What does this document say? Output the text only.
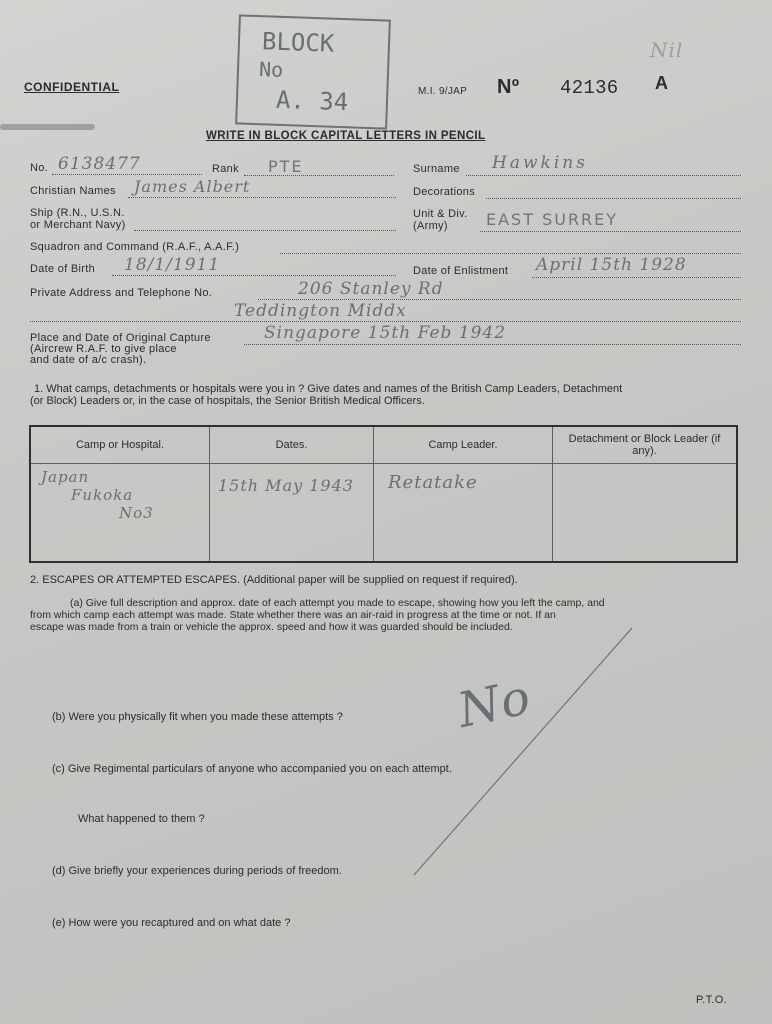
CONFIDENTIAL
BLOCK
No
A. 34	M.I. 9/JAP Nº 42136 A
Nil
WRITE IN BLOCK CAPITAL LETTERS IN PENCIL
No. 6138477	Rank PTE	Surname Hawkins
Christian Names James Albert	Decorations
Ship (R.N., U.S.N.
or Merchant Navy)
Unit & Div.
(Army) EAST SURREY
Squadron and Command (R.A.F., A.A.F.)
Date of Birth 18/1/1911	Date of Enlistment April 15th 1928
Private Address and Telephone No.	206 Stanley Rd
Teddington Middx
Place and Date of Original Capture
(Aircrew R.A.F. to give place
and date of a/c crash).
Singapore 15th Feb 1942
1. What camps, detachments or hospitals were you in ? Give dates and names of the British Camp Leaders, Detachment
(or Block) Leaders or, in the case of hospitals, the Senior British Medical Officers.
Camp or Hospital.	Dates.	Camp Leader.	Detachment or Block Leader (if any).

Japan
Fukoka
No3	15th May 1943	Retatake	

2. ESCAPES OR ATTEMPTED ESCAPES. (Additional paper will be supplied on request if required).
(a) Give full description and approx. date of each attempt you made to escape, showing how you left the camp, and
from which camp each attempt was made. State whether there was an air-raid in progress at the time or not. If an
escape was made from a train or vehicle the approx. speed and how it was guarded should be included.
(b) Were you physically fit when you made these attempts ? No
(c) Give Regimental particulars of anyone who accompanied you on each attempt.
What happened to them ?
(d) Give briefly your experiences during periods of freedom.
(e) How were you recaptured and on what date ?
P.T.O.
